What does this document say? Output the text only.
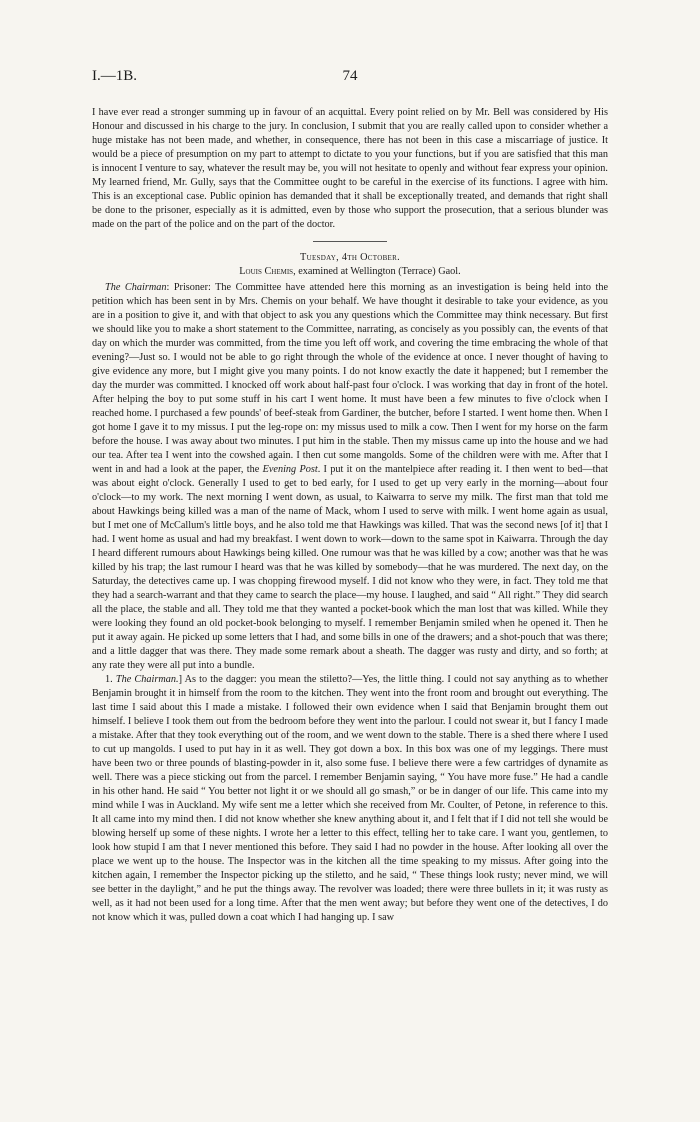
I.—1B.	74

I have ever read a stronger summing up in favour of an acquittal. Every point relied on by Mr. Bell was considered by His Honour and discussed in his charge to the jury. In conclusion, I submit that you are really called upon to consider whether a huge mistake has not been made, and whether, in consequence, there has not been in this case a miscarriage of justice. It would be a piece of presumption on my part to attempt to dictate to you your functions, but if you are satisfied that this man is innocent I venture to say, whatever the result may be, you will not hesitate to openly and without fear express your opinion. My learned friend, Mr. Gully, says that the Committee ought to be careful in the exercise of its functions. I agree with him. This is an exceptional case. Public opinion has demanded that it shall be exceptionally treated, and demands that right shall be done to the prisoner, especially as it is admitted, even by those who support the prosecution, that a serious blunder was made on the part of the police and on the part of the doctor.

Tuesday, 4th October.

Louis Chemis, examined at Wellington (Terrace) Gaol.

The Chairman: Prisoner: The Committee have attended here this morning as an investigation is being held into the petition which has been sent in by Mrs. Chemis on your behalf. We have thought it desirable to take your evidence, as you are in a position to give it, and with that object to ask you any questions which the Committee may think necessary. But first we should like you to make a short statement to the Committee, narrating, as concisely as you possibly can, the events of that day on which the murder was committed, from the time you left off work, and covering the time embracing the whole of that evening?—Just so. I would not be able to go right through the whole of the evidence at once. I never thought of having to give evidence any more, but I might give you many points. I do not know exactly the date it happened; but I remember the day the murder was committed. I knocked off work about half-past four o'clock. I was working that day in front of the hotel. After helping the boy to put some stuff in his cart I went home. It must have been a few minutes to five o'clock when I reached home. I purchased a few pounds' of beef-steak from Gardiner, the butcher, before I started. I went home then. When I got home I gave it to my missus. I put the leg-rope on: my missus used to milk a cow. Then I went for my horse on the farm before the house. I was away about two minutes. I put him in the stable. Then my missus came up into the house and we had our tea. After tea I went into the cowshed again. I then cut some mangolds. Some of the children were with me. After that I went in and had a look at the paper, the Evening Post. I put it on the mantelpiece after reading it. I then went to bed—that was about eight o'clock. Generally I used to get to bed early, for I used to get up very early in the morning—about four o'clock—to my work. The next morning I went down, as usual, to Kaiwarra to serve my milk. The first man that told me about Hawkings being killed was a man of the name of Mack, whom I used to serve with milk. I went home again as usual, but I met one of McCallum's little boys, and he also told me that Hawkings was killed. That was the second news [of it] that I had. I went home as usual and had my breakfast. I went down to work—down to the same spot in Kaiwarra. Through the day I heard different rumours about Hawkings being killed. One rumour was that he was killed by a cow; another was that he was killed by his trap; the last rumour I heard was that he was killed by somebody—that he was murdered. The next day, on the Saturday, the detectives came up. I was chopping firewood myself. I did not know who they were, in fact. They told me that they had a search-warrant and that they came to search the place—my house. I laughed, and said “ All right.” They did search all the place, the stable and all. They told me that they wanted a pocket-book which the man lost that was killed. While they were looking they found an old pocket-book belonging to myself. I remember Benjamin smiled when he opened it. Then he put it away again. He picked up some letters that I had, and some bills in one of the drawers; and a shot-pouch that was there; and a little dagger that was there. They made some remark about a sheath. The dagger was rusty and dirty, and so forth; at any rate they were all put into a bundle.

1. The Chairman.] As to the dagger: you mean the stiletto?—Yes, the little thing. I could not say anything as to whether Benjamin brought it in himself from the room to the kitchen. They went into the front room and brought out everything. The last time I said about this I made a mistake. I followed their own evidence when I said that Benjamin brought them out himself. I believe I took them out from the bedroom before they went into the parlour. I could not swear it, but I fancy I made a mistake. After that they took everything out of the room, and we went down to the stable. There is a shed there where I used to cut up mangolds. I used to put hay in it as well. They got down a box. In this box was one of my leggings. There must have been two or three pounds of blasting-powder in it, also some fuse. I believe there were a few cartridges of dynamite as well. There was a piece sticking out from the parcel. I remember Benjamin saying, “ You have more fuse.” He had a candle in his other hand. He said “ You better not light it or we should all go smash,” or be in danger of our life. This came into my mind while I was in Auckland. My wife sent me a letter which she received from Mr. Coulter, of Petone, in reference to this. It all came into my mind then. I did not know whether she knew anything about it, and I felt that if I did not tell she would be blowing herself up some of these nights. I wrote her a letter to this effect, telling her to take care. I want you, gentlemen, to look how stupid I am that I never mentioned this before. They said I had no powder in the house. After looking all over the place we went up to the house. The Inspector was in the kitchen all the time speaking to my missus. After going into the kitchen again, I remember the Inspector picking up the stiletto, and he said, “ These things look rusty; never mind, we will see better in the daylight,” and he put the things away. The revolver was loaded; there were three bullets in it; it was rusty as well, as it had not been used for a long time. After that the men went away; but before they went one of the detectives, I do not know which it was, pulled down a coat which I had hanging up. I saw
